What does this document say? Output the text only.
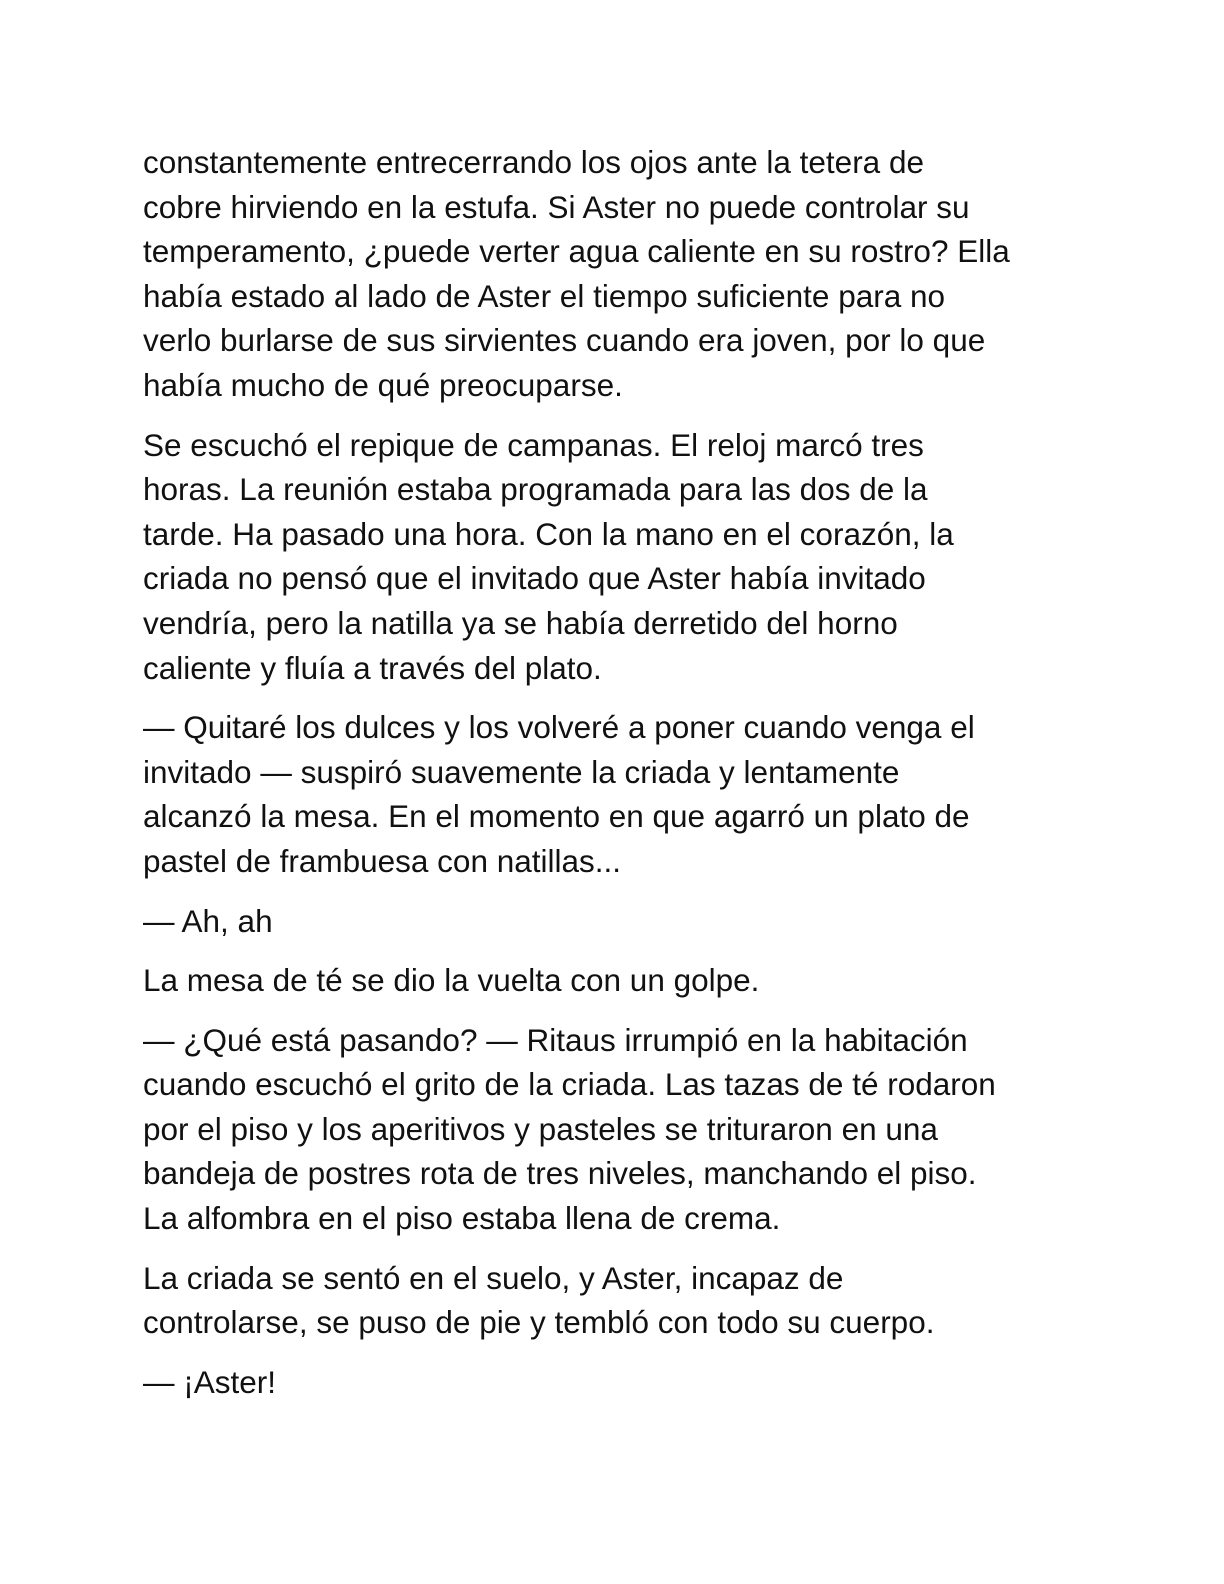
constantemente entrecerrando los ojos ante la tetera de
cobre hirviendo en la estufa. Si Aster no puede controlar su
temperamento, ¿puede verter agua caliente en su rostro? Ella
había estado al lado de Aster el tiempo suficiente para no
verlo burlarse de sus sirvientes cuando era joven, por lo que
había mucho de qué preocuparse.

Se escuchó el repique de campanas. El reloj marcó tres
horas. La reunión estaba programada para las dos de la
tarde. Ha pasado una hora. Con la mano en el corazón, la
criada no pensó que el invitado que Aster había invitado
vendría, pero la natilla ya se había derretido del horno
caliente y fluía a través del plato.

— Quitaré los dulces y los volveré a poner cuando venga el
invitado — suspiró suavemente la criada y lentamente
alcanzó la mesa. En el momento en que agarró un plato de
pastel de frambuesa con natillas...

— Ah, ah

La mesa de té se dio la vuelta con un golpe.

— ¿Qué está pasando? — Ritaus irrumpió en la habitación
cuando escuchó el grito de la criada. Las tazas de té rodaron
por el piso y los aperitivos y pasteles se trituraron en una
bandeja de postres rota de tres niveles, manchando el piso.
La alfombra en el piso estaba llena de crema.

La criada se sentó en el suelo, y Aster, incapaz de
controlarse, se puso de pie y tembló con todo su cuerpo.

— ¡Aster!
